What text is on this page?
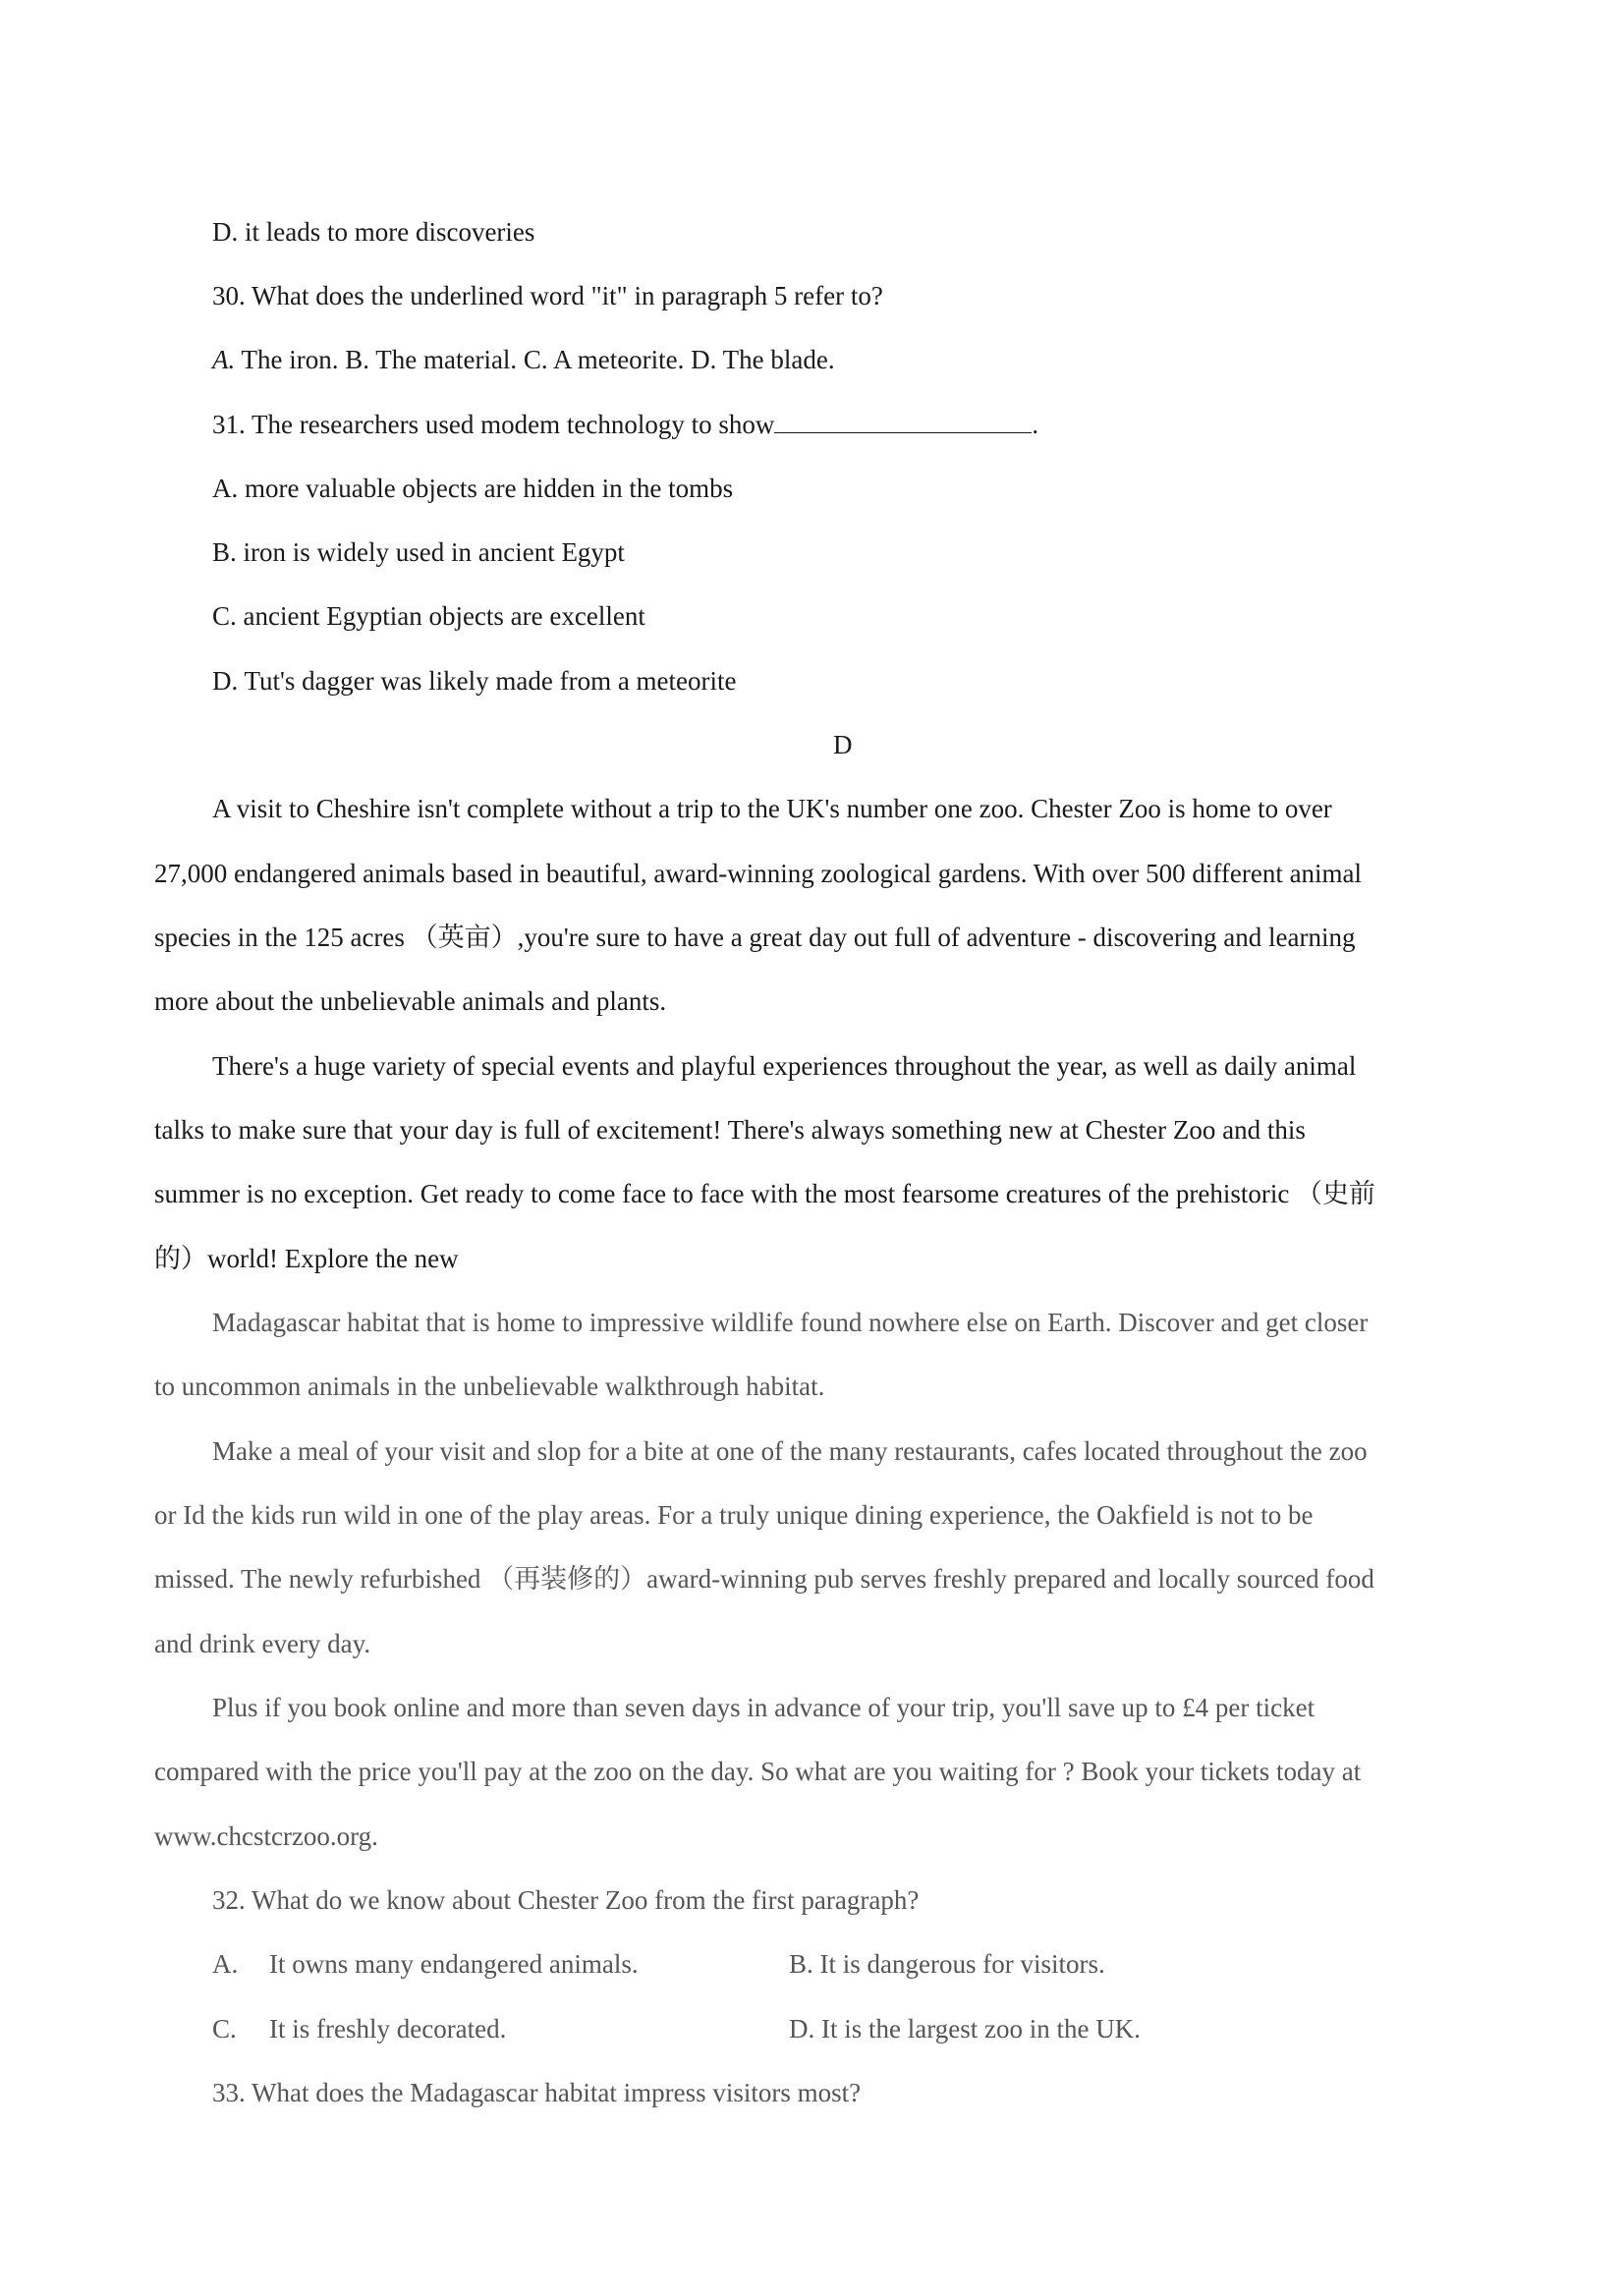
D. it leads to more discoveries
30. What does the underlined word "it" in paragraph 5 refer to?
A. The iron. B. The material. C. A meteorite. D. The blade.
31. The researchers used modem technology to show	.
A. more valuable objects are hidden in the tombs
B. iron is widely used in ancient Egypt
C. ancient Egyptian objects are excellent
D. Tut's dagger was likely made from a meteorite
D
A visit to Cheshire isn't complete without a trip to the UK's number one zoo. Chester Zoo is home to over
27,000 endangered animals based in beautiful, award-winning zoological gardens. With over 500 different animal
species in the 125 acres （英亩）,you're sure to have a great day out full of adventure - discovering and learning
more about the unbelievable animals and plants.
There's a huge variety of special events and playful experiences throughout the year, as well as daily animal
talks to make sure that your day is full of excitement! There's always something new at Chester Zoo and this
summer is no exception. Get ready to come face to face with the most fearsome creatures of the prehistoric （史前
的）world! Explore the new
Madagascar habitat that is home to impressive wildlife found nowhere else on Earth. Discover and get closer
to uncommon animals in the unbelievable walkthrough habitat.
Make a meal of your visit and slop for a bite at one of the many restaurants, cafes located throughout the zoo
or Id the kids run wild in one of the play areas. For a truly unique dining experience, the Oakfield is not to be
missed. The newly refurbished （再装修的）award-winning pub serves freshly prepared and locally sourced food
and drink every day.
Plus if you book online and more than seven days in advance of your trip, you'll save up to £4 per ticket
compared with the price you'll pay at the zoo on the day. So what are you waiting for ? Book your tickets today at
www.chcstcrzoo.org.
32. What do we know about Chester Zoo from the first paragraph?
A. It owns many endangered animals.	B. It is dangerous for visitors.
C. It is freshly decorated.	D. It is the largest zoo in the UK.
33. What does the Madagascar habitat impress visitors most?
